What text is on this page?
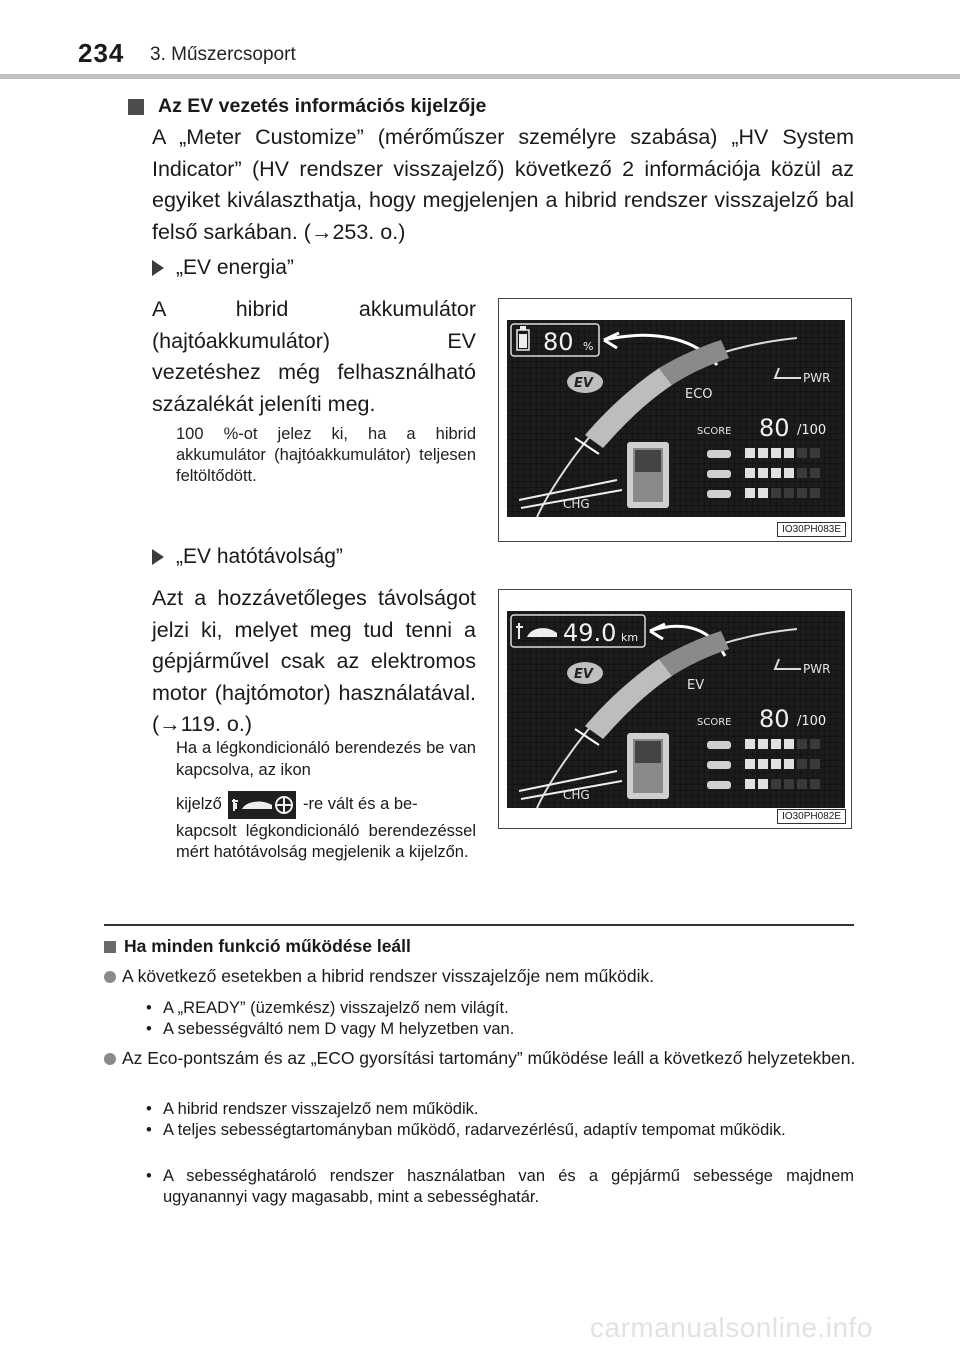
234 3. Műszercsoport
Az EV vezetés információs kijelzője
A „Meter Customize” (mérőműszer személyre szabása) „HV System Indicator” (HV rendszer visszajelző) következő 2 információja közül az egyiket kiválaszthatja, hogy megjelenjen a hibrid rendszer visszajelző bal felső sarkában. (→253. o.)
„EV energia”
A hibrid akkumulátor (hajtóakkumulátor) EV vezetéshez még felhasználható százalékát jeleníti meg.
100 %-ot jelez ki, ha a hibrid akkumulátor (hajtóakkumulátor) teljesen feltöltődött.
80 %
ECO
EV	PWR
SCORE 80 /100
CHG
IO30PH083E
„EV hatótávolság”
Azt a hozzávetőleges távolságot jelzi ki, melyet meg tud tenni a gépjárművel csak az elektromos motor (hajtómotor) használatával. (→119. o.)
Ha a légkondicionáló berendezés be van kapcsolva, az ikon
kijelző	-re vált és a be-
kapcsolt légkondicionáló berendezéssel mért hatótávolság megjelenik a kijelzőn.
49.0 km
EV
EV	PWR
SCORE 80 /100
CHG
IO30PH082E
Ha minden funkció működése leáll
A következő esetekben a hibrid rendszer visszajelzője nem működik.
• A „READY” (üzemkész) visszajelző nem világít.
• A sebességváltó nem D vagy M helyzetben van.
Az Eco-pontszám és az „ECO gyorsítási tartomány” működése leáll a következő helyzetekben.
• A hibrid rendszer visszajelző nem működik.
• A teljes sebességtartományban működő, radarvezérlésű, adaptív tempomat működik.
• A sebességhatároló rendszer használatban van és a gépjármű sebessége majdnem ugyanannyi vagy magasabb, mint a sebességhatár.
carmanualsonline.info
